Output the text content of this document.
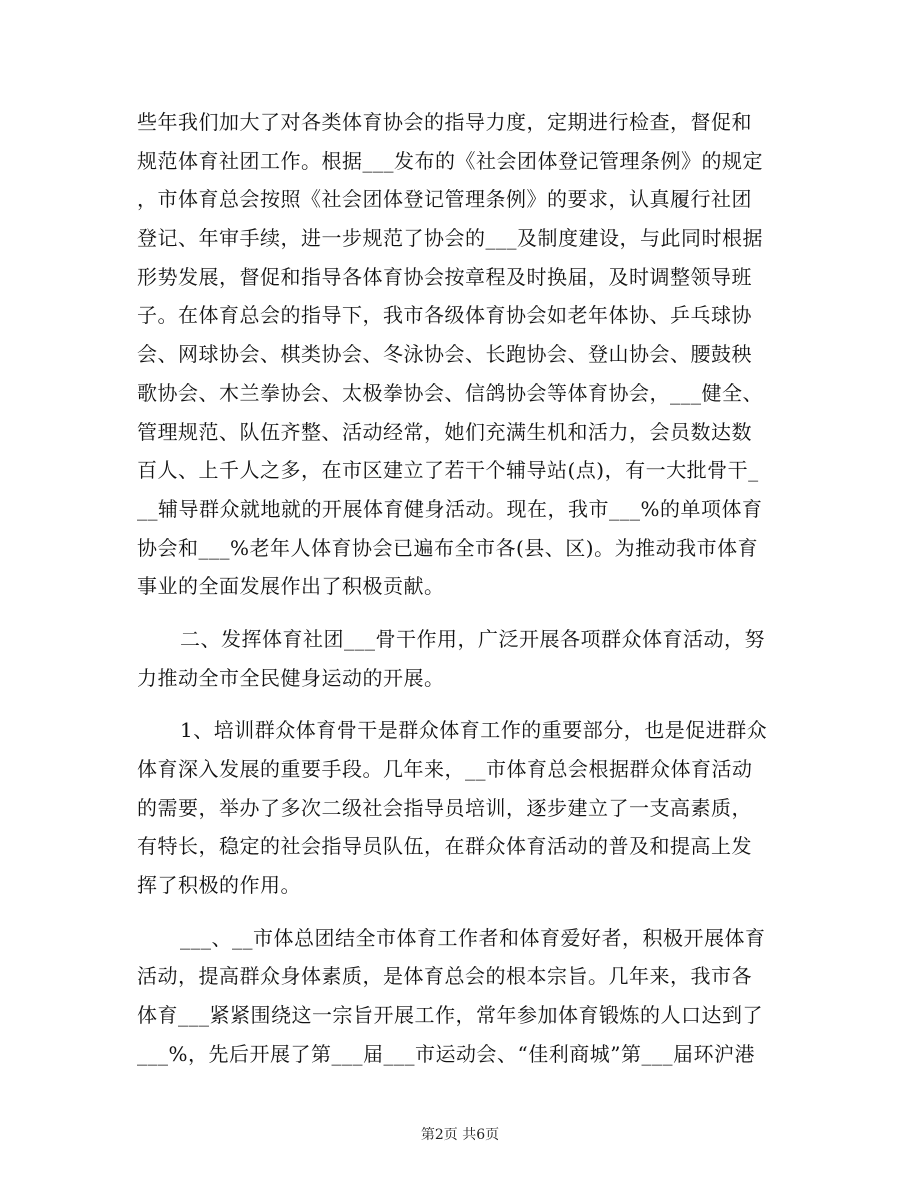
些年我们加大了对各类体育协会的指导力度，定期进行检查，督促和
规范体育社团工作。根据___发布的《社会团体登记管理条例》的规定
，市体育总会按照《社会团体登记管理条例》的要求，认真履行社团
登记、年审手续，进一步规范了协会的___及制度建设，与此同时根据
形势发展，督促和指导各体育协会按章程及时换届，及时调整领导班
子。在体育总会的指导下，我市各级体育协会如老年体协、乒乓球协
会、网球协会、棋类协会、冬泳协会、长跑协会、登山协会、腰鼓秧
歌协会、木兰拳协会、太极拳协会、信鸽协会等体育协会，___健全、
管理规范、队伍齐整、活动经常，她们充满生机和活力，会员数达数
百人、上千人之多，在市区建立了若干个辅导站(点)，有一大批骨干_
__辅导群众就地就的开展体育健身活动。现在，我市___%的单项体育
协会和___%老年人体育协会已遍布全市各(县、区)。为推动我市体育
事业的全面发展作出了积极贡献。
二、发挥体育社团___骨干作用，广泛开展各项群众体育活动，努
力推动全市全民健身运动的开展。
1、培训群众体育骨干是群众体育工作的重要部分，也是促进群众
体育深入发展的重要手段。几年来，__市体育总会根据群众体育活动
的需要，举办了多次二级社会指导员培训，逐步建立了一支高素质，
有特长，稳定的社会指导员队伍，在群众体育活动的普及和提高上发
挥了积极的作用。
___、__市体总团结全市体育工作者和体育爱好者，积极开展体育
活动，提高群众身体素质，是体育总会的根本宗旨。几年来，我市各
体育___紧紧围绕这一宗旨开展工作，常年参加体育锻炼的人口达到了
___%，先后开展了第___届___市运动会、“佳利商城”第___届环沪港
第2页 共6页
